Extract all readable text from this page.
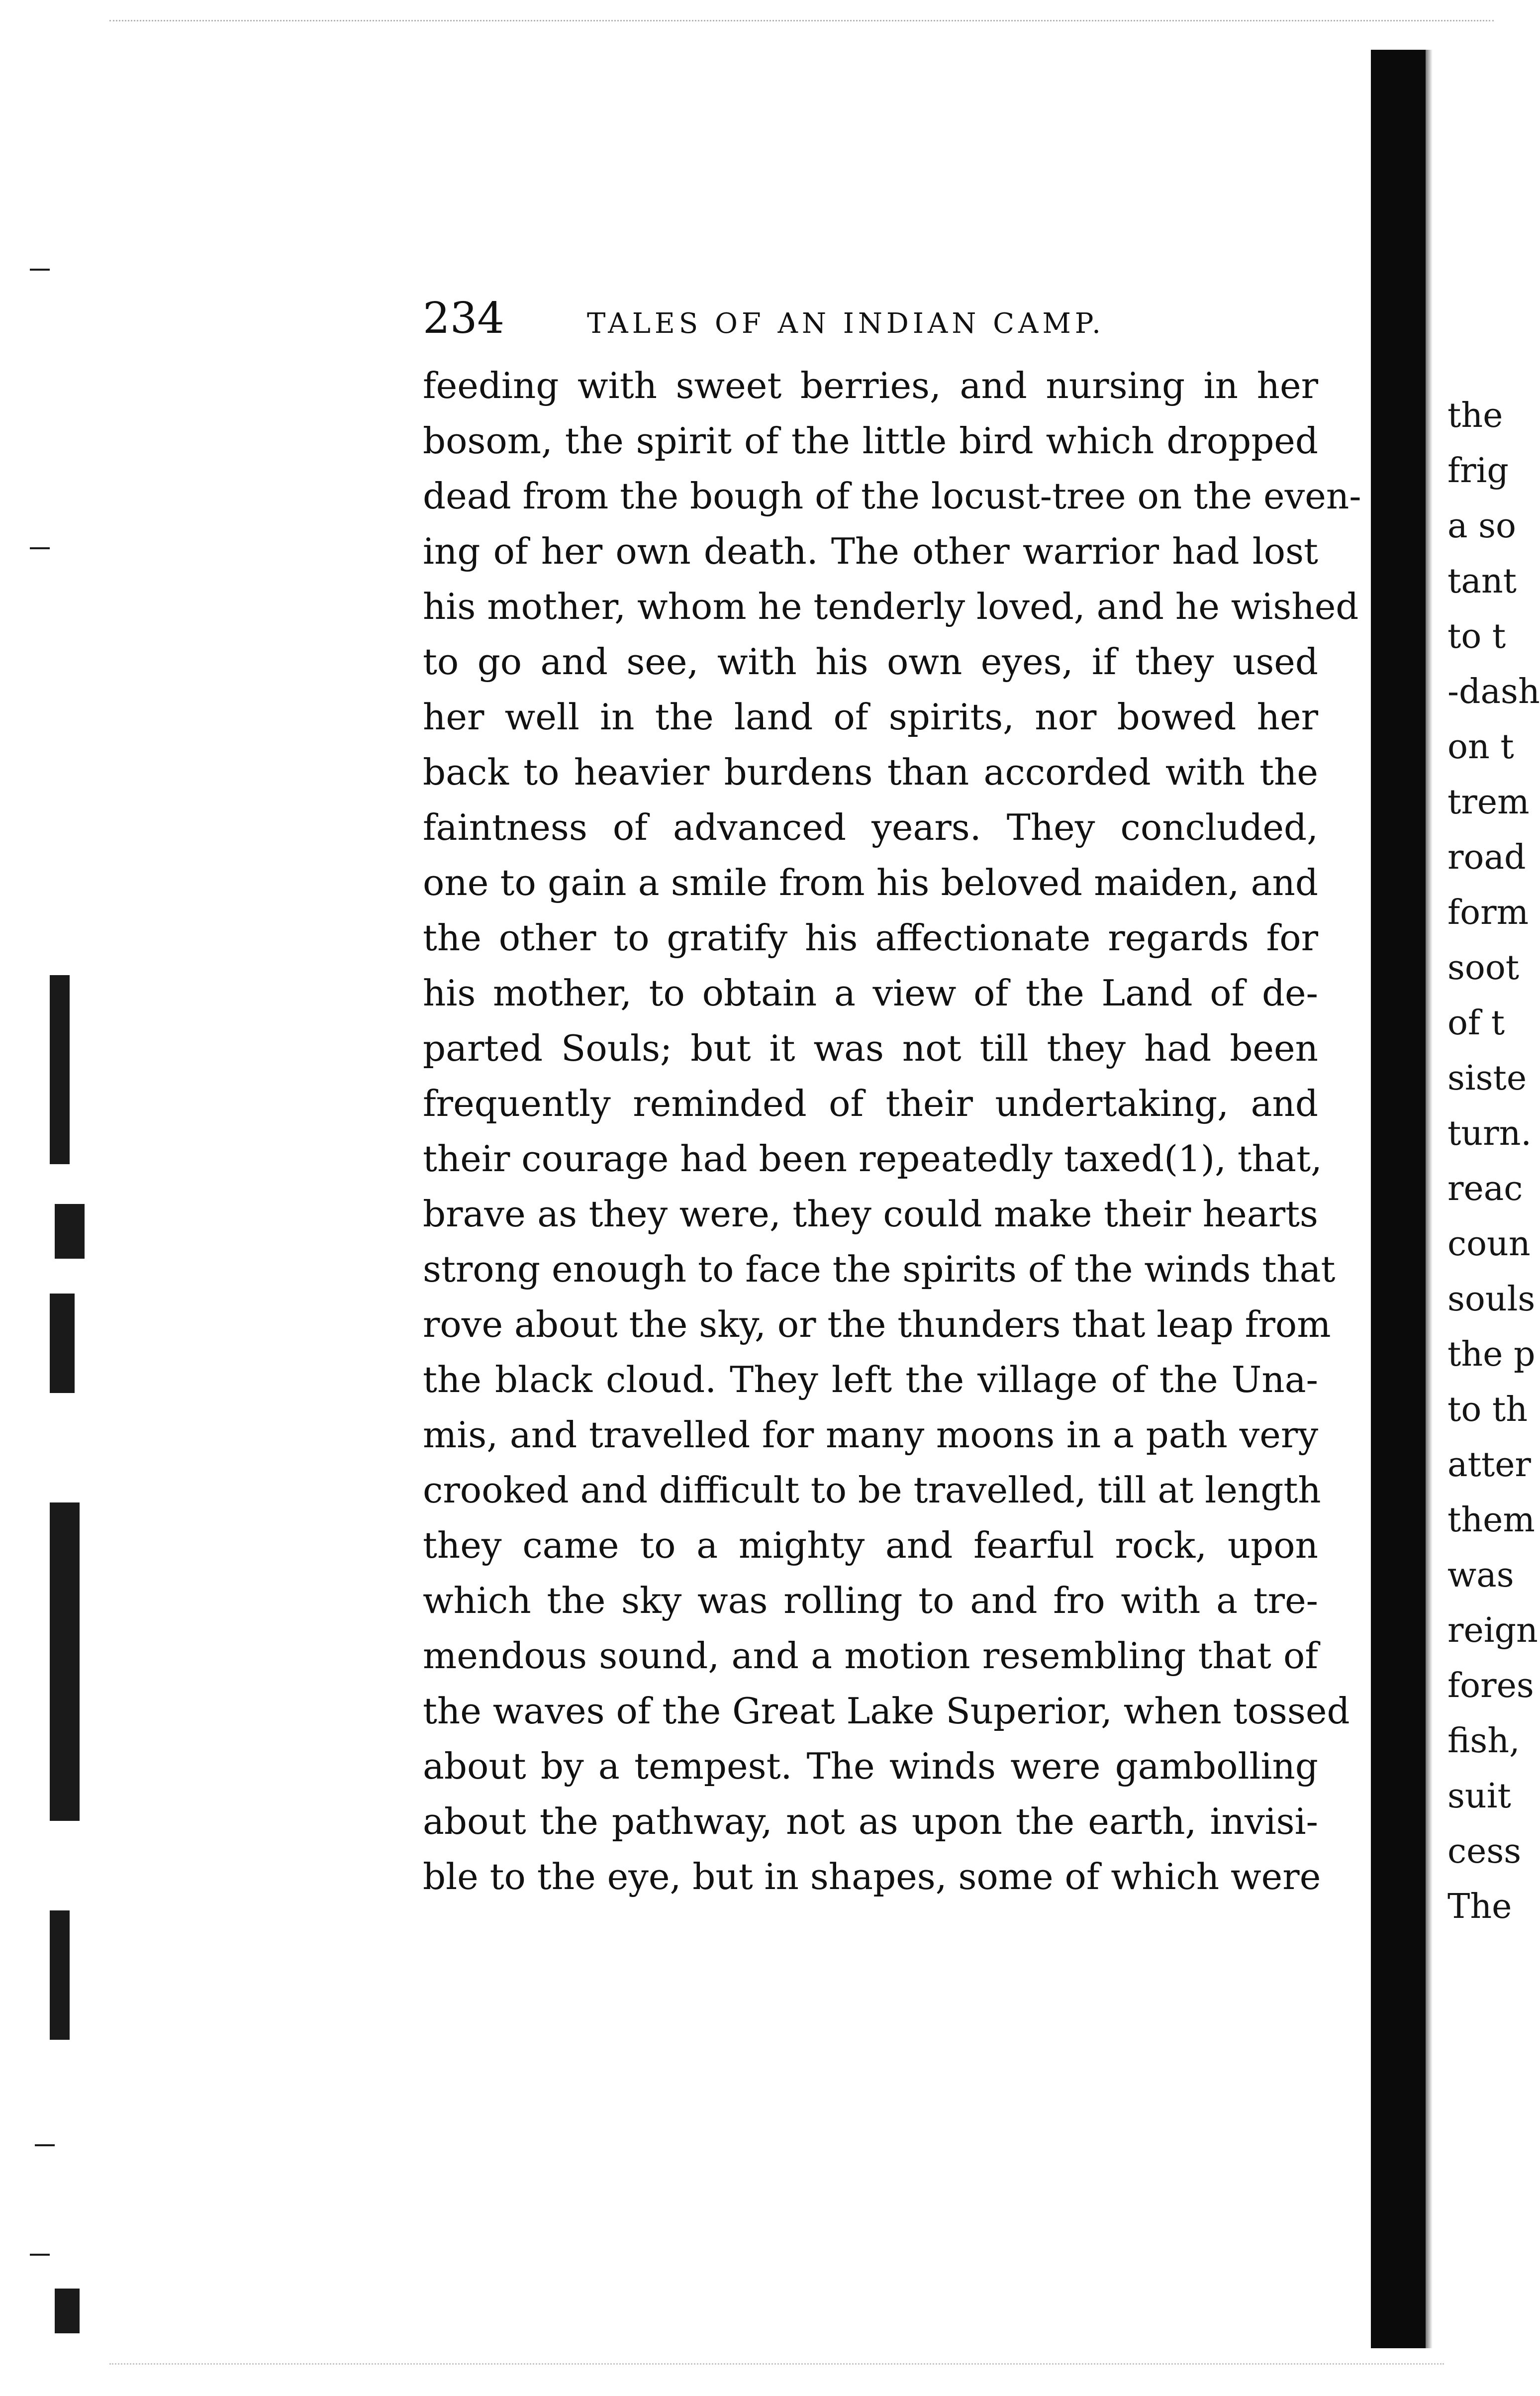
234	TALES OF AN INDIAN CAMP.
feeding with sweet berries, and nursing in her
bosom, the spirit of the little bird which dropped
dead from the bough of the locust-tree on the even-
ing of her own death. The other warrior had lost
his mother, whom he tenderly loved, and he wished
to go and see, with his own eyes, if they used
her well in the land of spirits, nor bowed her
back to heavier burdens than accorded with the
faintness of advanced years. They concluded,
one to gain a smile from his beloved maiden, and
the other to gratify his affectionate regards for
his mother, to obtain a view of the Land of de-
parted Souls; but it was not till they had been
frequently reminded of their undertaking, and
their courage had been repeatedly taxed(1), that,
brave as they were, they could make their hearts
strong enough to face the spirits of the winds that
rove about the sky, or the thunders that leap from
the black cloud. They left the village of the Una-
mis, and travelled for many moons in a path very
crooked and difficult to be travelled, till at length
they came to a mighty and fearful rock, upon
which the sky was rolling to and fro with a tre-
mendous sound, and a motion resembling that of
the waves of the Great Lake Superior, when tossed
about by a tempest. The winds were gambolling
about the pathway, not as upon the earth, invisi-
ble to the eye, but in shapes, some of which were
the
frig
a so
tant
to t
-dash
on t
trem
road
form
soot
of t
siste
turn.
reac
coun
souls
the p
to th
atter
them
was
reign
fores
fish,
suit
cess
The
